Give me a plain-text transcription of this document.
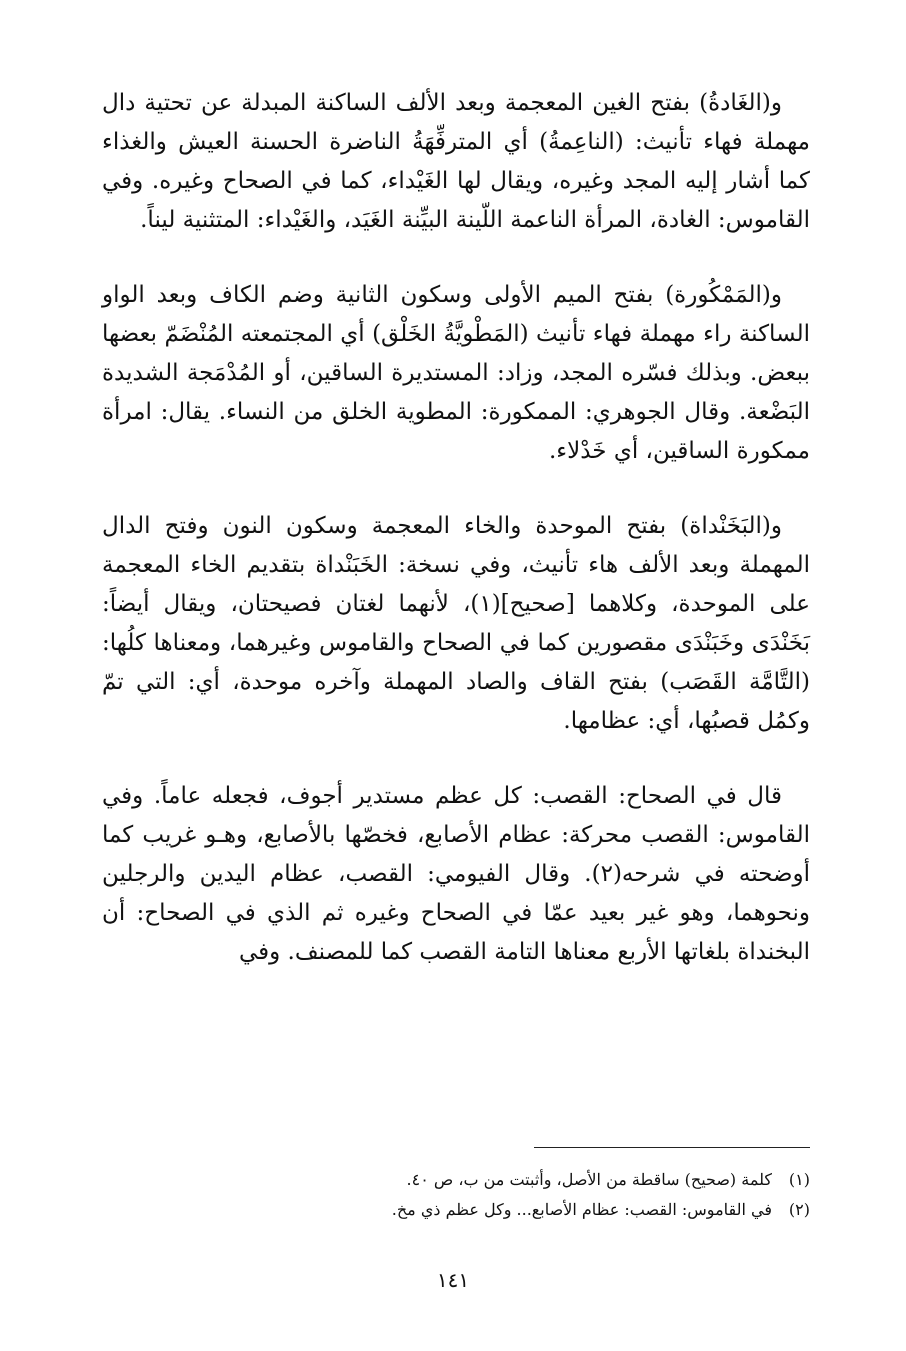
و(الغَادةُ) بفتح الغين المعجمة وبعد الألف الساكنة المبدلة عن تحتية دال مهملة فهاء تأنيث: (الناعِمةُ) أي المترفِّهَةُ الناضرة الحسنة العيش والغذاء كما أشار إليه المجد وغيره، ويقال لها الغَيْداء، كما في الصحاح وغيره. وفي القاموس: الغادة، المرأة الناعمة اللّينة البيِّنة الغَيَد، والغَيْداء: المتثنية ليناً.

و(المَمْكُورة) بفتح الميم الأولى وسكون الثانية وضم الكاف وبعد الواو الساكنة راء مهملة فهاء تأنيث (المَطْويَّةُ الخَلْق) أي المجتمعته المُنْضَمّ بعضها ببعض. وبذلك فسّره المجد، وزاد: المستديرة الساقين، أو المُدْمَجة الشديدة البَضْعة. وقال الجوهري: الممكورة: المطوية الخلق من النساء. يقال: امرأة ممكورة الساقين، أي خَدْلاء.

و(البَخَنْداة) بفتح الموحدة والخاء المعجمة وسكون النون وفتح الدال المهملة وبعد الألف هاء تأنيث، وفي نسخة: الخَبَنْداة بتقديم الخاء المعجمة على الموحدة، وكلاهما [صحيح](١)، لأنهما لغتان فصيحتان، ويقال أيضاً: بَخَنْدَى وخَبَنْدَى مقصورين كما في الصحاح والقاموس وغيرهما، ومعناها كلُها: (التَّامَّة القَصَب) بفتح القاف والصاد المهملة وآخره موحدة، أي: التي تمّ وكمُل قصبُها، أي: عظامها.

قال في الصحاح: القصب: كل عظم مستدير أجوف، فجعله عاماً. وفي القاموس: القصب محركة: عظام الأصابع، فخصّها بالأصابع، وهـو غريب كما أوضحته في شرحه(٢). وقال الفيومي: القصب، عظام اليدين والرجلين ونحوهما، وهو غير بعيد عمّا في الصحاح وغيره ثم الذي في الصحاح: أن البخنداة بلغاتها الأربع معناها التامة القصب كما للمصنف. وفي

(١)
كلمة (صحيح) ساقطة من الأصل، وأثبتت من ب، ص ٤٠.
(٢)
في القاموس: القصب: عظام الأصابع... وكل عظم ذي مخ.
١٤١
